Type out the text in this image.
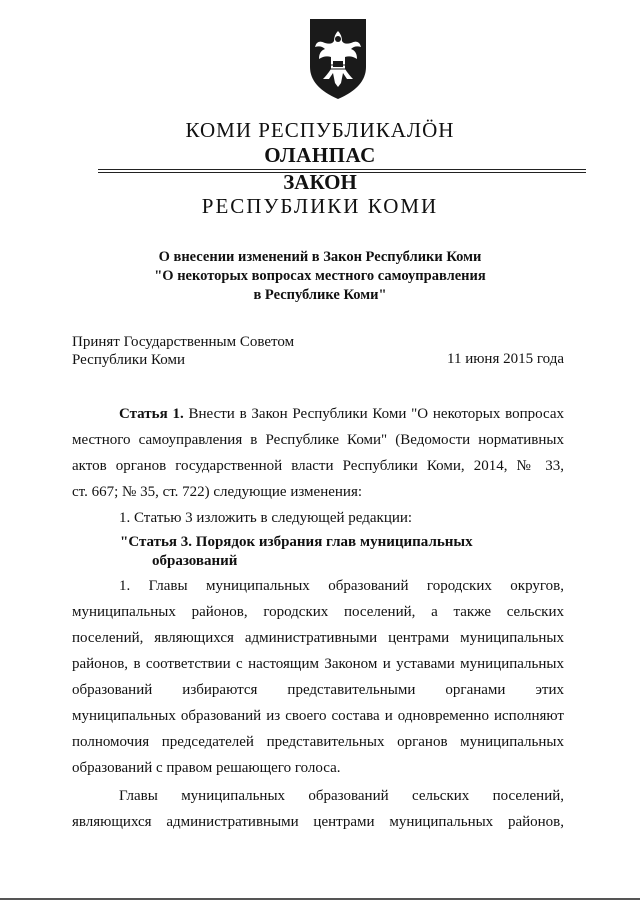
КОМИ РЕСПУБЛИКАЛӦН
ОЛАНПАС
ЗАКОН
РЕСПУБЛИКИ КОМИ
О внесении изменений в Закон Республики Коми
"О некоторых вопросах местного самоуправления
в Республике Коми"
Принят Государственным Советом
Республики Коми	11 июня 2015 года
Статья 1. Внести в Закон Республики Коми "О некоторых вопросах
местного самоуправления в Республике Коми" (Ведомости нормативных
актов органов государственной власти Республики Коми, 2014, № 33,
ст. 667; № 35, ст. 722) следующие изменения:
1. Статью 3 изложить в следующей редакции:
"Статья 3. Порядок избрания глав муниципальных
образований
1. Главы муниципальных образований городских округов,
муниципальных районов, городских поселений, а также сельских
поселений, являющихся административными центрами муниципальных
районов, в соответствии с настоящим Законом и уставами муниципальных
образований избираются представительными органами этих
муниципальных образований из своего состава и одновременно исполняют
полномочия председателей представительных органов муниципальных
образований с правом решающего голоса.
Главы муниципальных образований сельских поселений,
являющихся административными центрами муниципальных районов,
